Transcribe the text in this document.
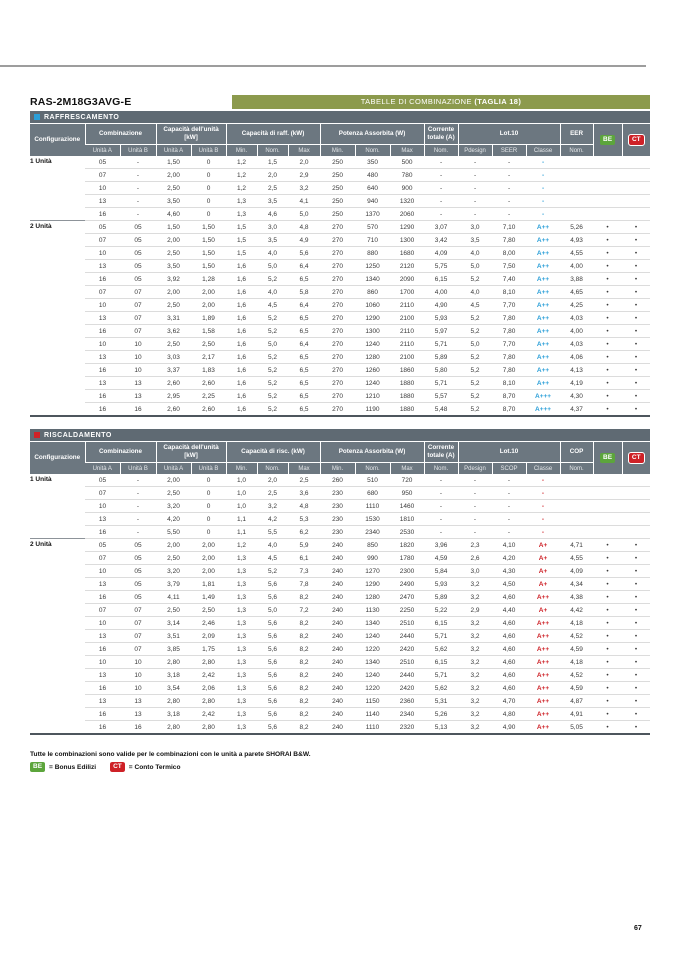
RAS-2M18G3AVG-E	TABELLE DI COMBINAZIONE (TAGLIA 18)
RAFFRESCAMENTO
Configurazione	Combinazione	
Capacità dell'unità
[kW]
	Capacità di raff. (kW)	Potenza Assorbita (W)	
Corrente
totale (A)
	Lot.10	EER	BE	CT
	Unità A	Unità B	Unità A	Unità B	Min.	Nom.	Max	Min.	Nom.	Max	Nom.	Pdesign	SEER	Classe	Nom.		
1 Unità	05	-	1,50	0	1,2	1,5	2,0	250	350	500	-	-	-	-			
	07	-	2,00	0	1,2	2,0	2,9	250	480	780	-	-	-	-			
	10	-	2,50	0	1,2	2,5	3,2	250	640	900	-	-	-	-			
	13	-	3,50	0	1,3	3,5	4,1	250	940	1320	-	-	-	-			
	16	-	4,60	0	1,3	4,6	5,0	250	1370	2060	-	-	-	-			
2 Unità	05	05	1,50	1,50	1,5	3,0	4,8	270	570	1290	3,07	3,0	7,10	A++	5,26	•	•
	07	05	2,00	1,50	1,5	3,5	4,9	270	710	1300	3,42	3,5	7,80	A++	4,93	•	•
	10	05	2,50	1,50	1,5	4,0	5,6	270	880	1680	4,09	4,0	8,00	A++	4,55	•	•
	13	05	3,50	1,50	1,6	5,0	6,4	270	1250	2120	5,75	5,0	7,50	A++	4,00	•	•
	16	05	3,92	1,28	1,6	5,2	6,5	270	1340	2090	6,15	5,2	7,40	A++	3,88	•	•
	07	07	2,00	2,00	1,6	4,0	5,8	270	860	1700	4,00	4,0	8,10	A++	4,65	•	•
	10	07	2,50	2,00	1,6	4,5	6,4	270	1060	2110	4,90	4,5	7,70	A++	4,25	•	•
	13	07	3,31	1,89	1,6	5,2	6,5	270	1290	2100	5,93	5,2	7,80	A++	4,03	•	•
	16	07	3,62	1,58	1,6	5,2	6,5	270	1300	2110	5,97	5,2	7,80	A++	4,00	•	•
	10	10	2,50	2,50	1,6	5,0	6,4	270	1240	2110	5,71	5,0	7,70	A++	4,03	•	•
	13	10	3,03	2,17	1,6	5,2	6,5	270	1280	2100	5,89	5,2	7,80	A++	4,06	•	•
	16	10	3,37	1,83	1,6	5,2	6,5	270	1260	1860	5,80	5,2	7,80	A++	4,13	•	•
	13	13	2,60	2,60	1,6	5,2	6,5	270	1240	1880	5,71	5,2	8,10	A++	4,19	•	•
	16	13	2,95	2,25	1,6	5,2	6,5	270	1210	1880	5,57	5,2	8,70	A+++	4,30	•	•
	16	16	2,60	2,60	1,6	5,2	6,5	270	1190	1880	5,48	5,2	8,70	A+++	4,37	•	•
RISCALDAMENTO
Configurazione	Combinazione	
Capacità dell'unità
[kW]
	Capacità di risc. (kW)	Potenza Assorbita (W)	
Corrente
totale (A)
	Lot.10	COP	BE	CT
	Unità A	Unità B	Unità A	Unità B	Min.	Nom.	Max	Min.	Nom.	Max	Nom.	Pdesign	SCOP	Classe	Nom.		
1 Unità	05	-	2,00	0	1,0	2,0	2,5	260	510	720	-	-	-	-			
	07	-	2,50	0	1,0	2,5	3,6	230	680	950	-	-	-	-			
	10	-	3,20	0	1,0	3,2	4,8	230	1110	1460	-	-	-	-			
	13	-	4,20	0	1,1	4,2	5,3	230	1530	1810	-	-	-	-			
	16	-	5,50	0	1,1	5,5	6,2	230	2340	2530	-	-	-	-			
2 Unità	05	05	2,00	2,00	1,2	4,0	5,9	240	850	1820	3,96	2,3	4,10	A+	4,71	•	•
	07	05	2,50	2,00	1,3	4,5	6,1	240	990	1780	4,59	2,6	4,20	A+	4,55	•	•
	10	05	3,20	2,00	1,3	5,2	7,3	240	1270	2300	5,84	3,0	4,30	A+	4,09	•	•
	13	05	3,79	1,81	1,3	5,6	7,8	240	1290	2490	5,93	3,2	4,50	A+	4,34	•	•
	16	05	4,11	1,49	1,3	5,6	8,2	240	1280	2470	5,89	3,2	4,60	A++	4,38	•	•
	07	07	2,50	2,50	1,3	5,0	7,2	240	1130	2250	5,22	2,9	4,40	A+	4,42	•	•
	10	07	3,14	2,46	1,3	5,6	8,2	240	1340	2510	6,15	3,2	4,60	A++	4,18	•	•
	13	07	3,51	2,09	1,3	5,6	8,2	240	1240	2440	5,71	3,2	4,60	A++	4,52	•	•
	16	07	3,85	1,75	1,3	5,6	8,2	240	1220	2420	5,62	3,2	4,60	A++	4,59	•	•
	10	10	2,80	2,80	1,3	5,6	8,2	240	1340	2510	6,15	3,2	4,60	A++	4,18	•	•
	13	10	3,18	2,42	1,3	5,6	8,2	240	1240	2440	5,71	3,2	4,60	A++	4,52	•	•
	16	10	3,54	2,06	1,3	5,6	8,2	240	1220	2420	5,62	3,2	4,60	A++	4,59	•	•
	13	13	2,80	2,80	1,3	5,6	8,2	240	1150	2360	5,31	3,2	4,70	A++	4,87	•	•
	16	13	3,18	2,42	1,3	5,6	8,2	240	1140	2340	5,26	3,2	4,80	A++	4,91	•	•
	16	16	2,80	2,80	1,3	5,6	8,2	240	1110	2320	5,13	3,2	4,90	A++	5,05	•	•
Tutte le combinazioni sono valide per le combinazioni con le unità a parete SHORAI B&W.
BE	= Bonus Edilizi	CT	= Conto Termico
67
